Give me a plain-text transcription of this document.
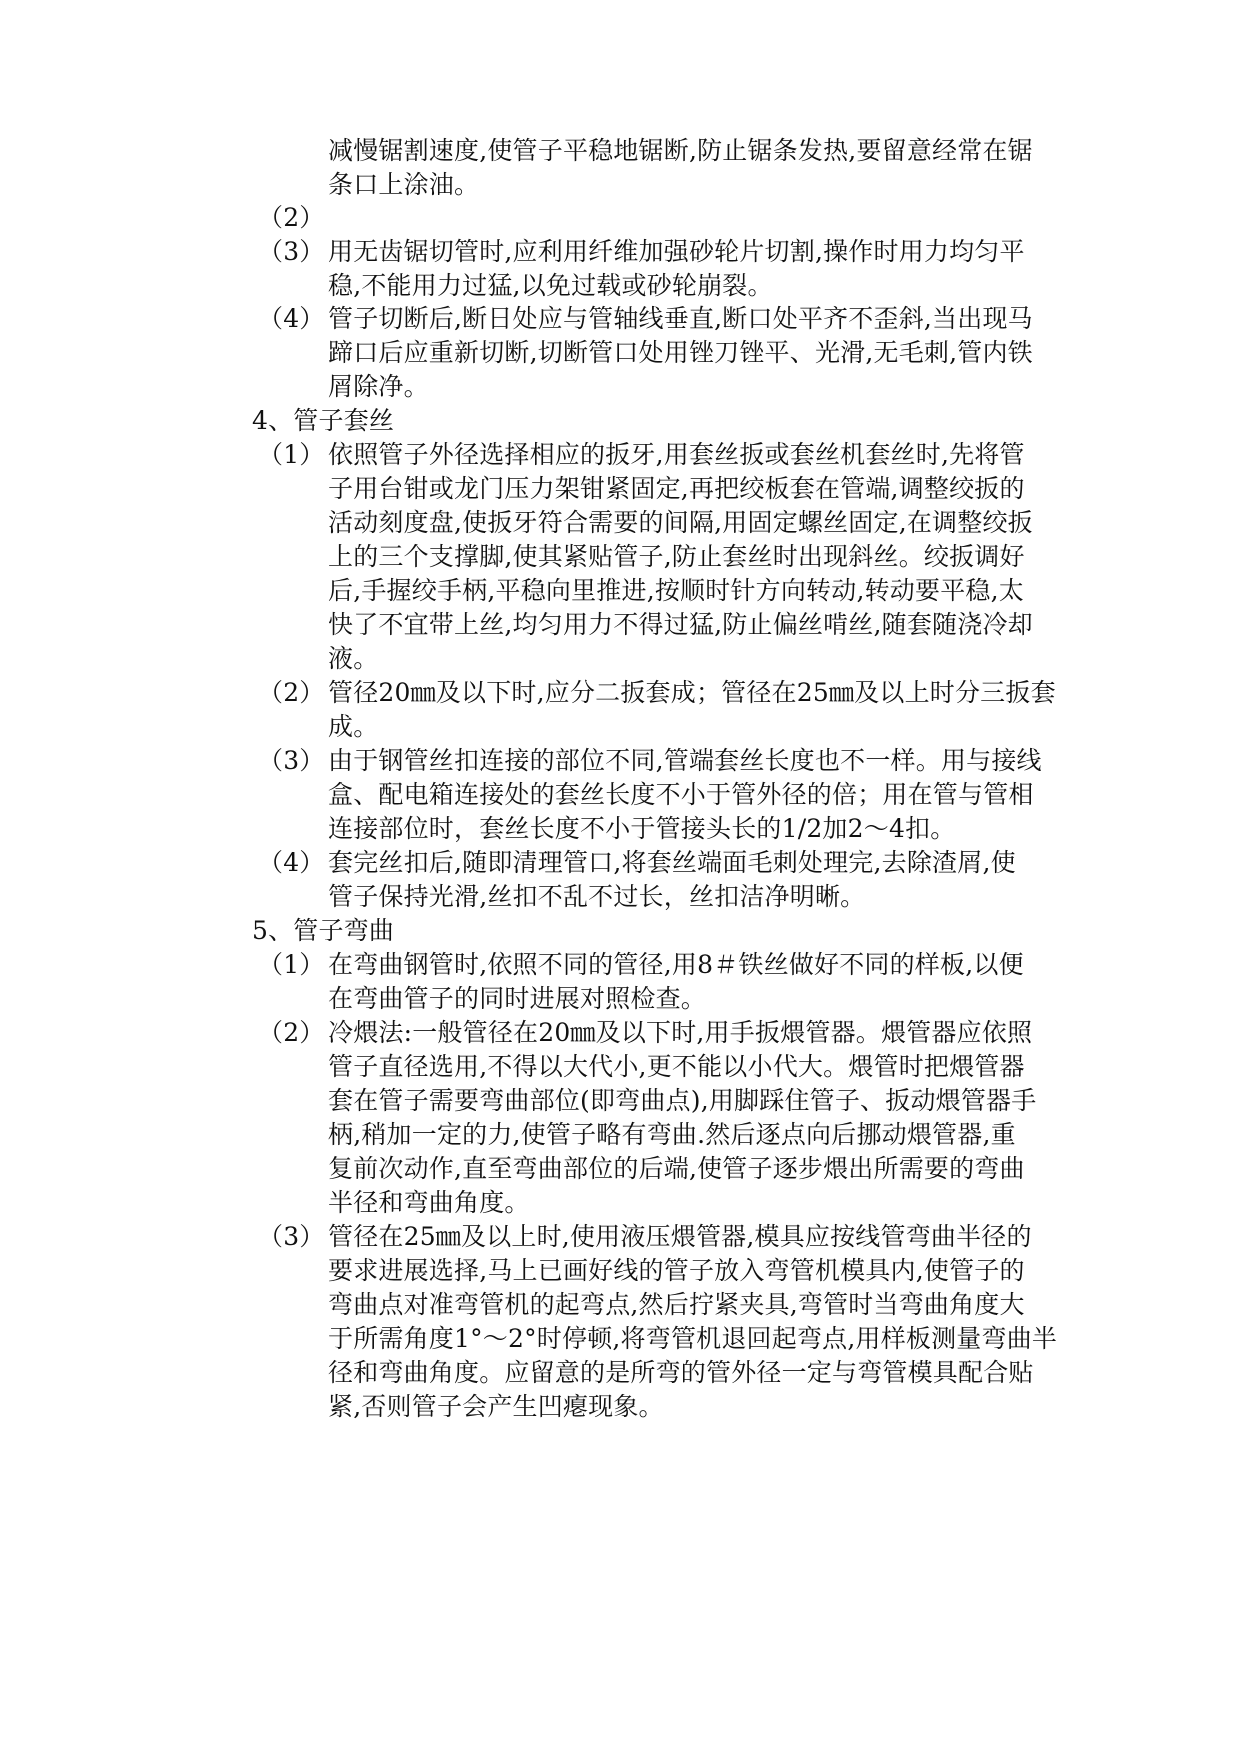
减慢锯割速度,使管子平稳地锯断,防止锯条发热,要留意经常在锯
条口上涂油。
（2）
（3） 用无齿锯切管时,应利用纤维加强砂轮片切割,操作时用力均匀平
稳,不能用力过猛,以免过载或砂轮崩裂。
（4） 管子切断后,断日处应与管轴线垂直,断口处平齐不歪斜,当出现马
蹄口后应重新切断,切断管口处用锉刀锉平、光滑,无毛刺,管内铁
屑除净。
4、管子套丝
（1） 依照管子外径选择相应的扳牙,用套丝扳或套丝机套丝时,先将管
子用台钳或龙门压力架钳紧固定,再把绞板套在管端,调整绞扳的
活动刻度盘,使扳牙符合需要的间隔,用固定螺丝固定,在调整绞扳
上的三个支撑脚,使其紧贴管子,防止套丝时出现斜丝。绞扳调好
后,手握绞手柄,平稳向里推进,按顺时针方向转动,转动要平稳,太
快了不宜带上丝,均匀用力不得过猛,防止偏丝啃丝,随套随浇冷却
液。
（2） 管径20㎜及以下时,应分二扳套成；管径在25㎜及以上时分三扳套
成。
（3） 由于钢管丝扣连接的部位不同,管端套丝长度也不一样。用与接线
盒、配电箱连接处的套丝长度不小于管外径的倍；用在管与管相
连接部位时，套丝长度不小于管接头长的1/2加2～4扣。
（4） 套完丝扣后,随即清理管口,将套丝端面毛刺处理完,去除渣屑,使
管子保持光滑,丝扣不乱不过长，丝扣洁净明晰。
5、管子弯曲
（1） 在弯曲钢管时,依照不同的管径,用8＃铁丝做好不同的样板,以便
在弯曲管子的同时进展对照检查。
（2） 冷煨法:一般管径在20㎜及以下时,用手扳煨管器。煨管器应依照
管子直径选用,不得以大代小,更不能以小代大。煨管时把煨管器
套在管子需要弯曲部位(即弯曲点),用脚踩住管子、扳动煨管器手
柄,稍加一定的力,使管子略有弯曲.然后逐点向后挪动煨管器,重
复前次动作,直至弯曲部位的后端,使管子逐步煨出所需要的弯曲
半径和弯曲角度。
（3） 管径在25㎜及以上时,使用液压煨管器,模具应按线管弯曲半径的
要求进展选择,马上已画好线的管子放入弯管机模具内,使管子的
弯曲点对准弯管机的起弯点,然后拧紧夹具,弯管时当弯曲角度大
于所需角度1°～2°时停顿,将弯管机退回起弯点,用样板测量弯曲半
径和弯曲角度。应留意的是所弯的管外径一定与弯管模具配合贴
紧,否则管子会产生凹瘪现象。
